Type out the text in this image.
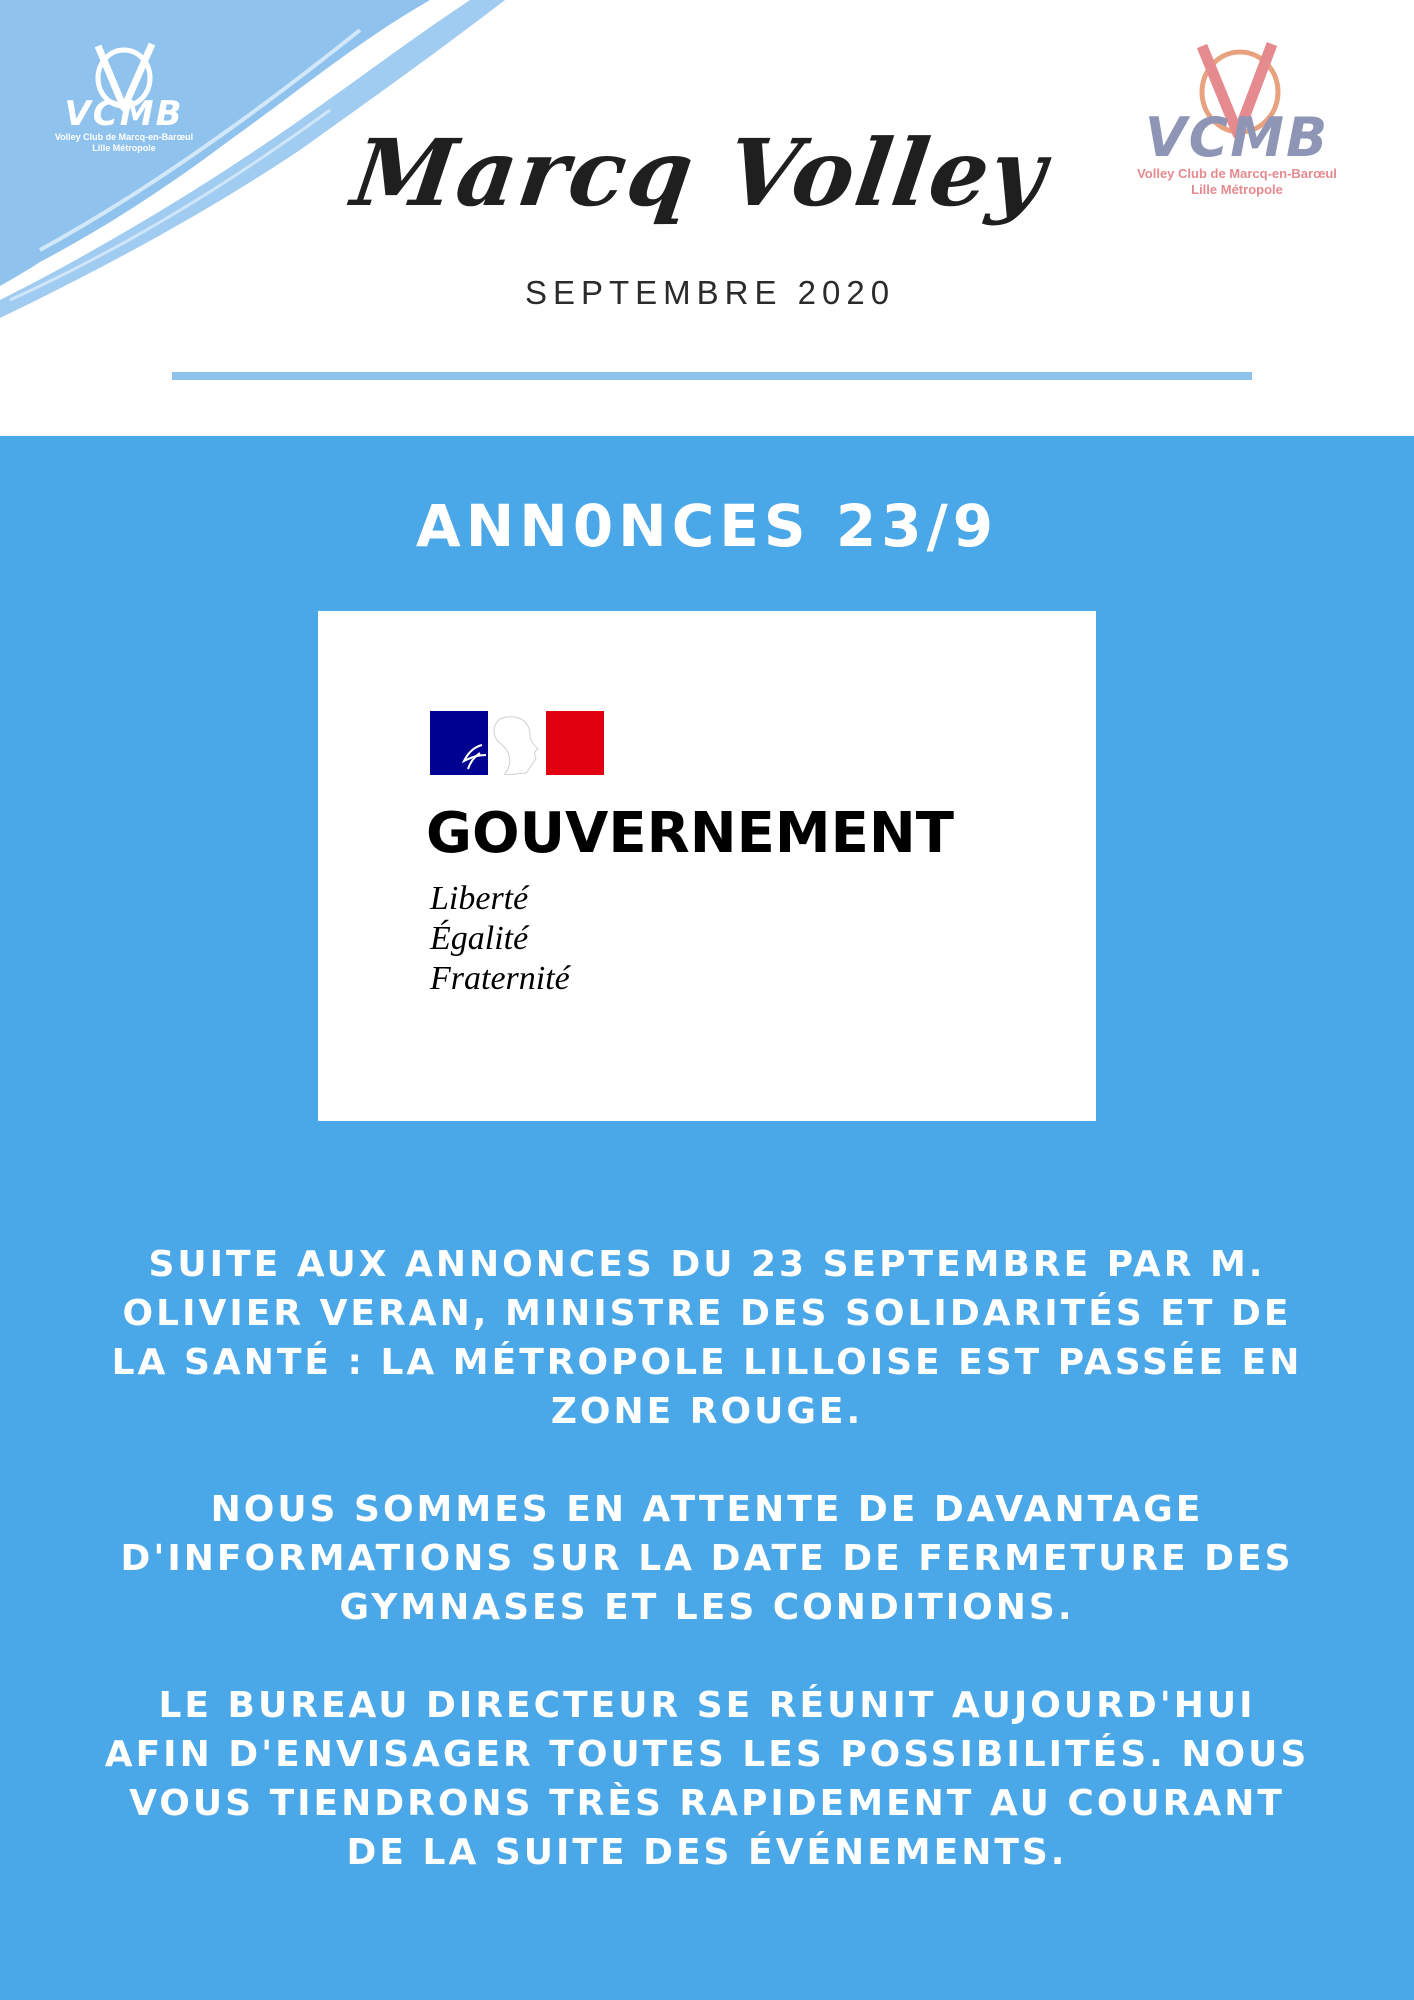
VCMB
Volley Club de Marcq-en-Barœul
Lille Métropole	VCMB
Volley Club de Marcq-en-Barœul
Lille Métropole
Marcq Volley
SEPTEMBRE 2020
ANN0NCES 23/9
GOUVERNEMENT
Liberté
Égalité
Fraternité

SUITE AUX ANNONCES DU 23 SEPTEMBRE PAR M. OLIVIER VERAN, MINISTRE DES SOLIDARITÉS ET DE LA SANTÉ : LA MÉTROPOLE LILLOISE EST PASSÉE EN ZONE ROUGE.

NOUS SOMMES EN ATTENTE DE DAVANTAGE D'INFORMATIONS SUR LA DATE DE FERMETURE DES GYMNASES ET LES CONDITIONS.

LE BUREAU DIRECTEUR SE RÉUNIT AUJOURD'HUI AFIN D'ENVISAGER TOUTES LES POSSIBILITÉS. NOUS VOUS TIENDRONS TRÈS RAPIDEMENT AU COURANT DE LA SUITE DES ÉVÉNEMENTS.
